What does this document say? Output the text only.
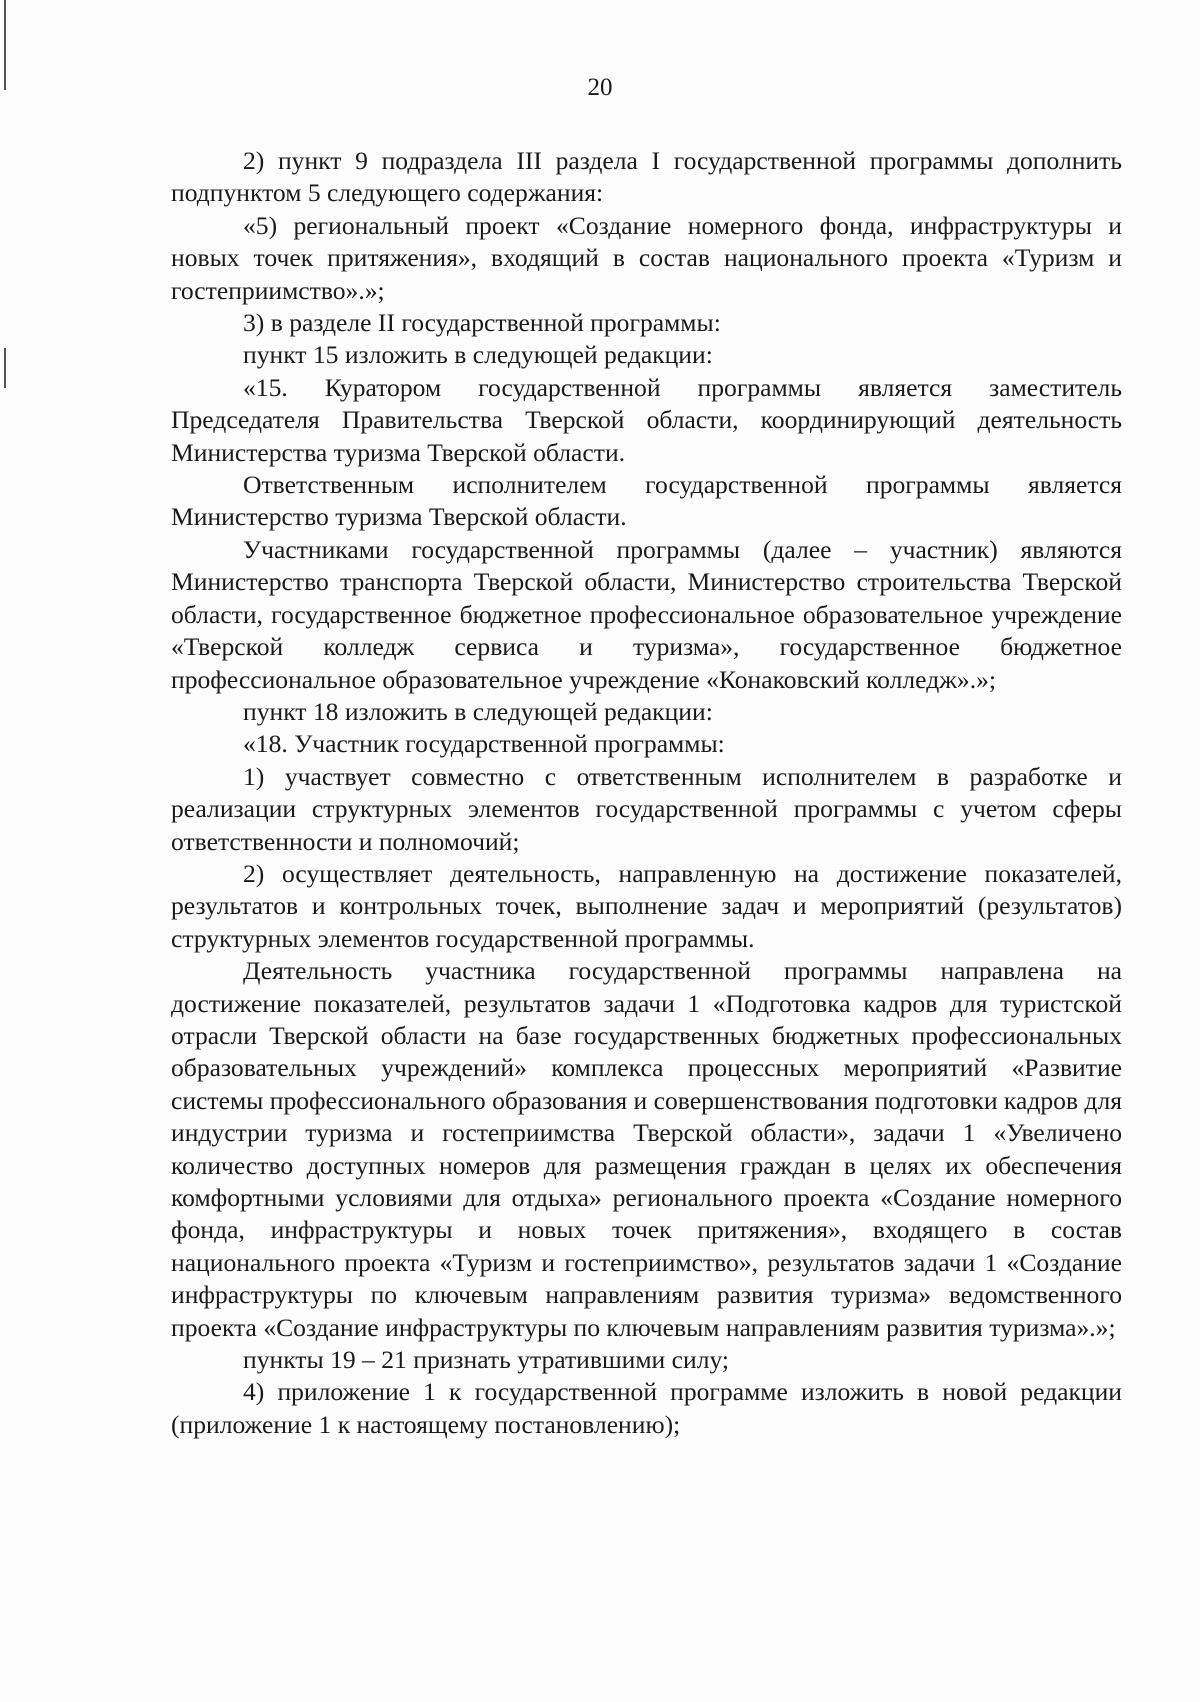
20

2) пункт 9 подраздела III раздела I государственной программы дополнить подпунктом 5 следующего содержания:

«5) региональный проект «Создание номерного фонда, инфраструктуры и новых точек притяжения», входящий в состав национального проекта «Туризм и гостеприимство».»;

3) в разделе II государственной программы:

пункт 15 изложить в следующей редакции:

«15. Куратором государственной программы является заместитель Председателя Правительства Тверской области, координирующий деятельность Министерства туризма Тверской области.

Ответственным исполнителем государственной программы является Министерство туризма Тверской области.

Участниками государственной программы (далее – участник) являются Министерство транспорта Тверской области, Министерство строительства Тверской области, государственное бюджетное профессиональное образовательное учреждение «Тверской колледж сервиса и туризма», государственное бюджетное профессиональное образовательное учреждение «Конаковский колледж».»;

пункт 18 изложить в следующей редакции:

«18. Участник государственной программы:

1) участвует совместно с ответственным исполнителем в разработке и реализации структурных элементов государственной программы с учетом сферы ответственности и полномочий;

2) осуществляет деятельность, направленную на достижение показателей, результатов и контрольных точек, выполнение задач и мероприятий (результатов) структурных элементов государственной программы.

Деятельность участника государственной программы направлена на достижение показателей, результатов задачи 1 «Подготовка кадров для туристской отрасли Тверской области на базе государственных бюджетных профессиональных образовательных учреждений» комплекса процессных мероприятий «Развитие системы профессионального образования и совершенствования подготовки кадров для индустрии туризма и гостеприимства Тверской области», задачи 1 «Увеличено количество доступных номеров для размещения граждан в целях их обеспечения комфортными условиями для отдыха» регионального проекта «Создание номерного фонда, инфраструктуры и новых точек притяжения», входящего в состав национального проекта «Туризм и гостеприимство», результатов задачи 1 «Создание инфраструктуры по ключевым направлениям развития туризма» ведомственного проекта «Создание инфраструктуры по ключевым направлениям развития туризма».»;

пункты 19 – 21 признать утратившими силу;

4) приложение 1 к государственной программе изложить в новой редакции (приложение 1 к настоящему постановлению);
